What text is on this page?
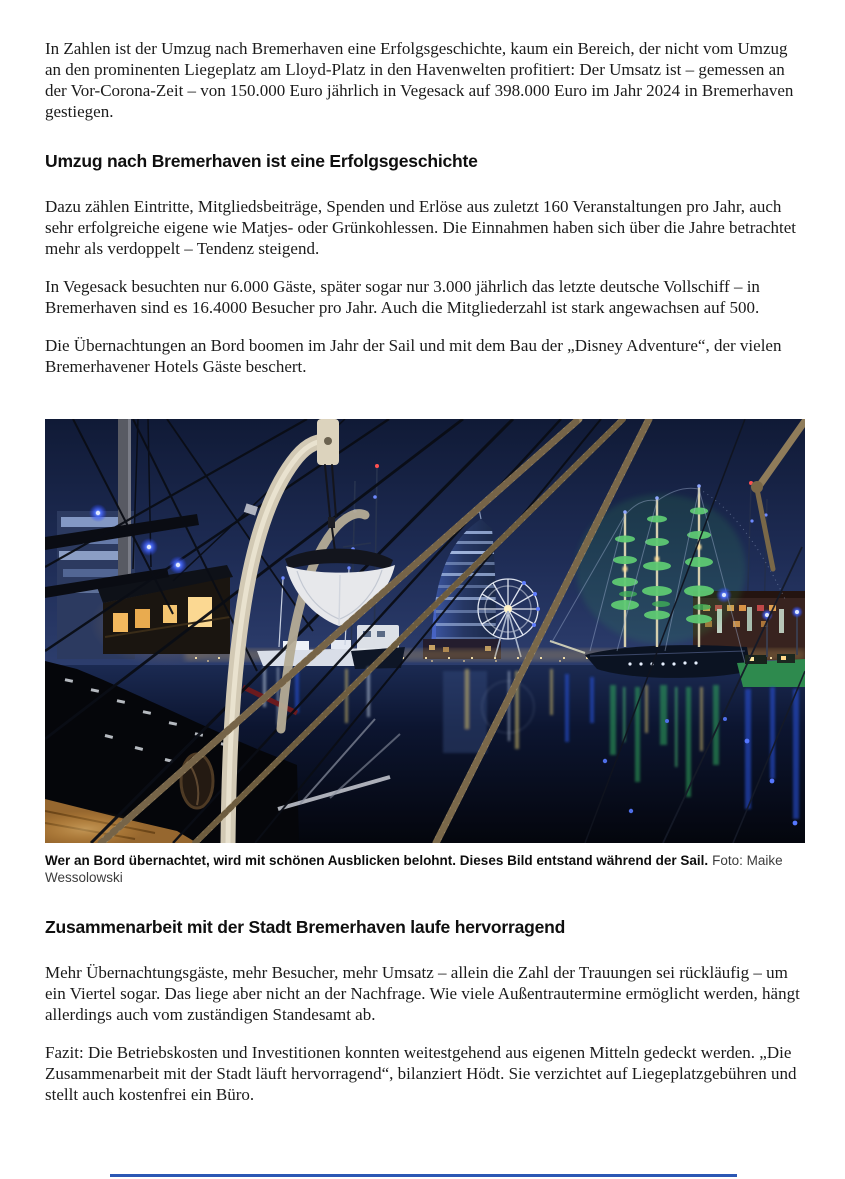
In Zahlen ist der Umzug nach Bremerhaven eine Erfolgsgeschichte, kaum ein Bereich, der nicht vom Umzug an den prominenten Liegeplatz am Lloyd-Platz in den Havenwelten profitiert: Der Umsatz ist – gemessen an der Vor-Corona-Zeit – von 150.000 Euro jährlich in Vegesack auf 398.000 Euro im Jahr 2024 in Bremerhaven gestiegen.

Umzug nach Bremerhaven ist eine Erfolgsgeschichte

Dazu zählen Eintritte, Mitgliedsbeiträge, Spenden und Erlöse aus zuletzt 160 Veranstaltungen pro Jahr, auch sehr erfolgreiche eigene wie Matjes- oder Grünkohlessen. Die Einnahmen haben sich über die Jahre betrachtet mehr als verdoppelt – Tendenz steigend.

In Vegesack besuchten nur 6.000 Gäste, später sogar nur 3.000 jährlich das letzte deutsche Vollschiff – in Bremerhaven sind es 16.4000 Besucher pro Jahr. Auch die Mitgliederzahl ist stark angewachsen auf 500.

Die Übernachtungen an Bord boomen im Jahr der Sail und mit dem Bau der „Disney Adventure“, der vielen Bremerhavener Hotels Gäste beschert.

Wer an Bord übernachtet, wird mit schönen Ausblicken belohnt. Dieses Bild entstand während der Sail. Foto: Maike Wessolowski
Zusammenarbeit mit der Stadt Bremerhaven laufe hervorragend

Mehr Übernachtungsgäste, mehr Besucher, mehr Umsatz – allein die Zahl der Trauungen sei rückläufig – um ein Viertel sogar. Das liege aber nicht an der Nachfrage. Wie viele Außentrautermine ermöglicht werden, hängt allerdings auch vom zuständigen Standesamt ab.

Fazit: Die Betriebskosten und Investitionen konnten weitestgehend aus eigenen Mitteln gedeckt werden. „Die Zusammenarbeit mit der Stadt läuft hervorragend“, bilanziert Hödt. Sie verzichtet auf Liegeplatzgebühren und stellt auch kostenfrei ein Büro.
